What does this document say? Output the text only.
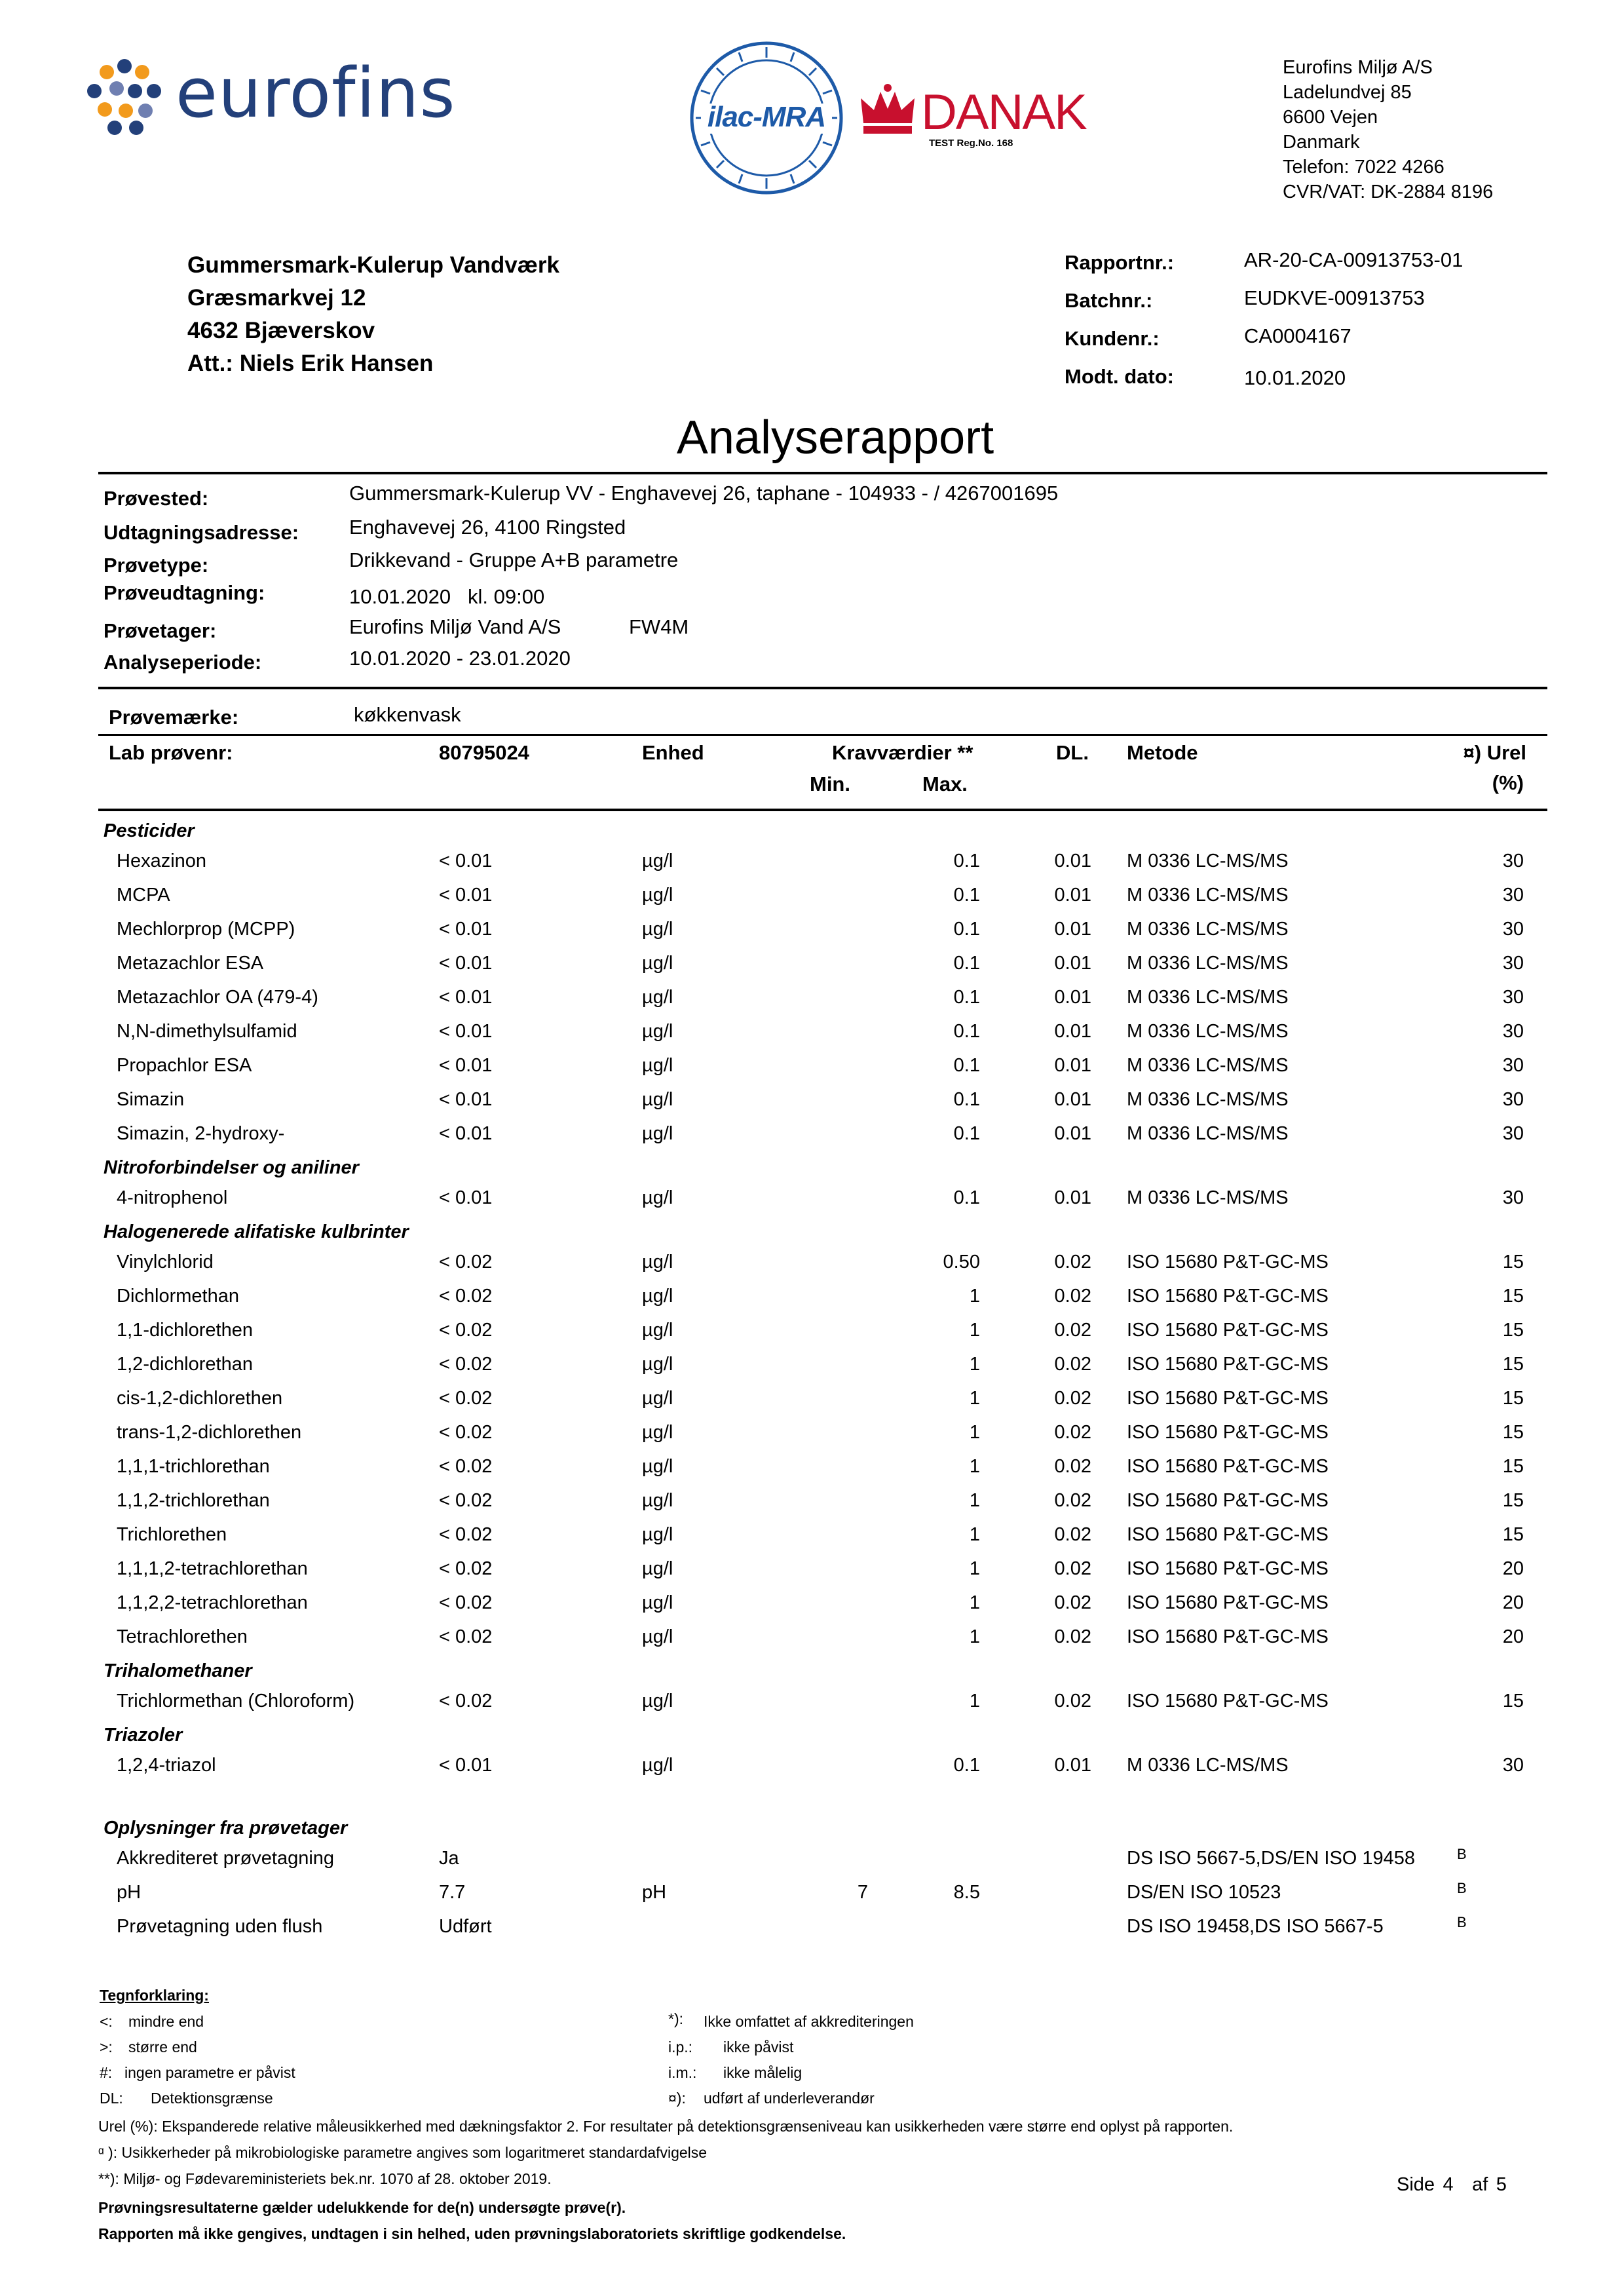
eurofins	ilac-MRA	DANAK
TEST Reg.No. 168
Eurofins Miljø A/S
Ladelundvej 85
6600 Vejen
Danmark
Telefon: 7022 4266
CVR/VAT: DK-2884 8196
Gummersmark-Kulerup Vandværk
Græsmarkvej 12
4632 Bjæverskov
Att.: Niels Erik Hansen
Rapportnr.:	AR-20-CA-00913753-01
Batchnr.:	EUDKVE-00913753
Kundenr.:	CA0004167
Modt. dato:	10.01.2020
Analyserapport
Prøvested:	Gummersmark-Kulerup VV - Enghavevej 26, taphane - 104933 - / 4267001695
Udtagningsadresse: Enghavevej 26, 4100 Ringsted
Prøvetype:	Drikkevand - Gruppe A+B parametre
Prøveudtagning:	10.01.2020   kl. 09:00
Prøvetager:	Eurofins Miljø Vand A/S	FW4M
Analyseperiode:	10.01.2020 - 23.01.2020
Prøvemærke:	køkkenvask
Lab prøvenr:	80795024	Enhed	Kravværdier **
Min.	Max.
DL. Metode	¤) Urel
(%)
Pesticider
Hexazinon	< 0.01	µg/l	0.1	0.01 M 0336 LC-MS/MS	30
MCPA	< 0.01	µg/l	0.1	0.01 M 0336 LC-MS/MS	30
Mechlorprop (MCPP)	< 0.01	µg/l	0.1	0.01 M 0336 LC-MS/MS	30
Metazachlor ESA	< 0.01	µg/l	0.1	0.01 M 0336 LC-MS/MS	30
Metazachlor OA (479-4)	< 0.01	µg/l	0.1	0.01 M 0336 LC-MS/MS	30
N,N-dimethylsulfamid	< 0.01	µg/l	0.1	0.01 M 0336 LC-MS/MS	30
Propachlor ESA	< 0.01	µg/l	0.1	0.01 M 0336 LC-MS/MS	30
Simazin	< 0.01	µg/l	0.1	0.01 M 0336 LC-MS/MS	30
Simazin, 2-hydroxy-	< 0.01	µg/l	0.1	0.01 M 0336 LC-MS/MS	30
Nitroforbindelser og aniliner
4-nitrophenol	< 0.01	µg/l	0.1	0.01 M 0336 LC-MS/MS	30
Halogenerede alifatiske kulbrinter
Vinylchlorid	< 0.02	µg/l	0.50	0.02 ISO 15680 P&T-GC-MS	15
Dichlormethan	< 0.02	µg/l	1	0.02 ISO 15680 P&T-GC-MS	15
1,1-dichlorethen	< 0.02	µg/l	1	0.02 ISO 15680 P&T-GC-MS	15
1,2-dichlorethan	< 0.02	µg/l	1	0.02 ISO 15680 P&T-GC-MS	15
cis-1,2-dichlorethen	< 0.02	µg/l	1	0.02 ISO 15680 P&T-GC-MS	15
trans-1,2-dichlorethen	< 0.02	µg/l	1	0.02 ISO 15680 P&T-GC-MS	15
1,1,1-trichlorethan	< 0.02	µg/l	1	0.02 ISO 15680 P&T-GC-MS	15
1,1,2-trichlorethan	< 0.02	µg/l	1	0.02 ISO 15680 P&T-GC-MS	15
Trichlorethen	< 0.02	µg/l	1	0.02 ISO 15680 P&T-GC-MS	15
1,1,1,2-tetrachlorethan	< 0.02	µg/l	1	0.02 ISO 15680 P&T-GC-MS	20
1,1,2,2-tetrachlorethan	< 0.02	µg/l	1	0.02 ISO 15680 P&T-GC-MS	20
Tetrachlorethen	< 0.02	µg/l	1	0.02 ISO 15680 P&T-GC-MS	20
Trihalomethaner
Trichlormethan (Chloroform)	< 0.02	µg/l	1	0.02 ISO 15680 P&T-GC-MS	15
Triazoler
1,2,4-triazol	< 0.01	µg/l	0.1	0.01 M 0336 LC-MS/MS	30
Oplysninger fra prøvetager
Akkrediteret prøvetagning	Ja	DS ISO 5667-5,DS/EN ISO 19458	B
pH	7.7	pH	7	8.5	DS/EN ISO 10523	B
Prøvetagning uden flush	Udført	DS ISO 19458,DS ISO 5667-5	B
Tegnforklaring:
<: mindre end
>: større end
#: ingen parametre er påvist
DL: Detektionsgrænse
*): Ikke omfattet af akkrediteringen
i.p.: ikke påvist
i.m.: ikke målelig
¤): udført af underleverandør
Urel (%): Ekspanderede relative måleusikkerhed med dækningsfaktor 2. For resultater på detektionsgrænseniveau kan usikkerheden være større end oplyst på rapporten.
ᵅ ): Usikkerheder på mikrobiologiske parametre angives som logaritmeret standardafvigelse
**): Miljø- og Fødevareministeriets bek.nr. 1070 af 28. oktober 2019.
Prøvningsresultaterne gælder udelukkende for de(n) undersøgte prøve(r).
Rapporten må ikke gengives, undtagen i sin helhed, uden prøvningslaboratoriets skriftlige godkendelse.
Side 4 af 5
